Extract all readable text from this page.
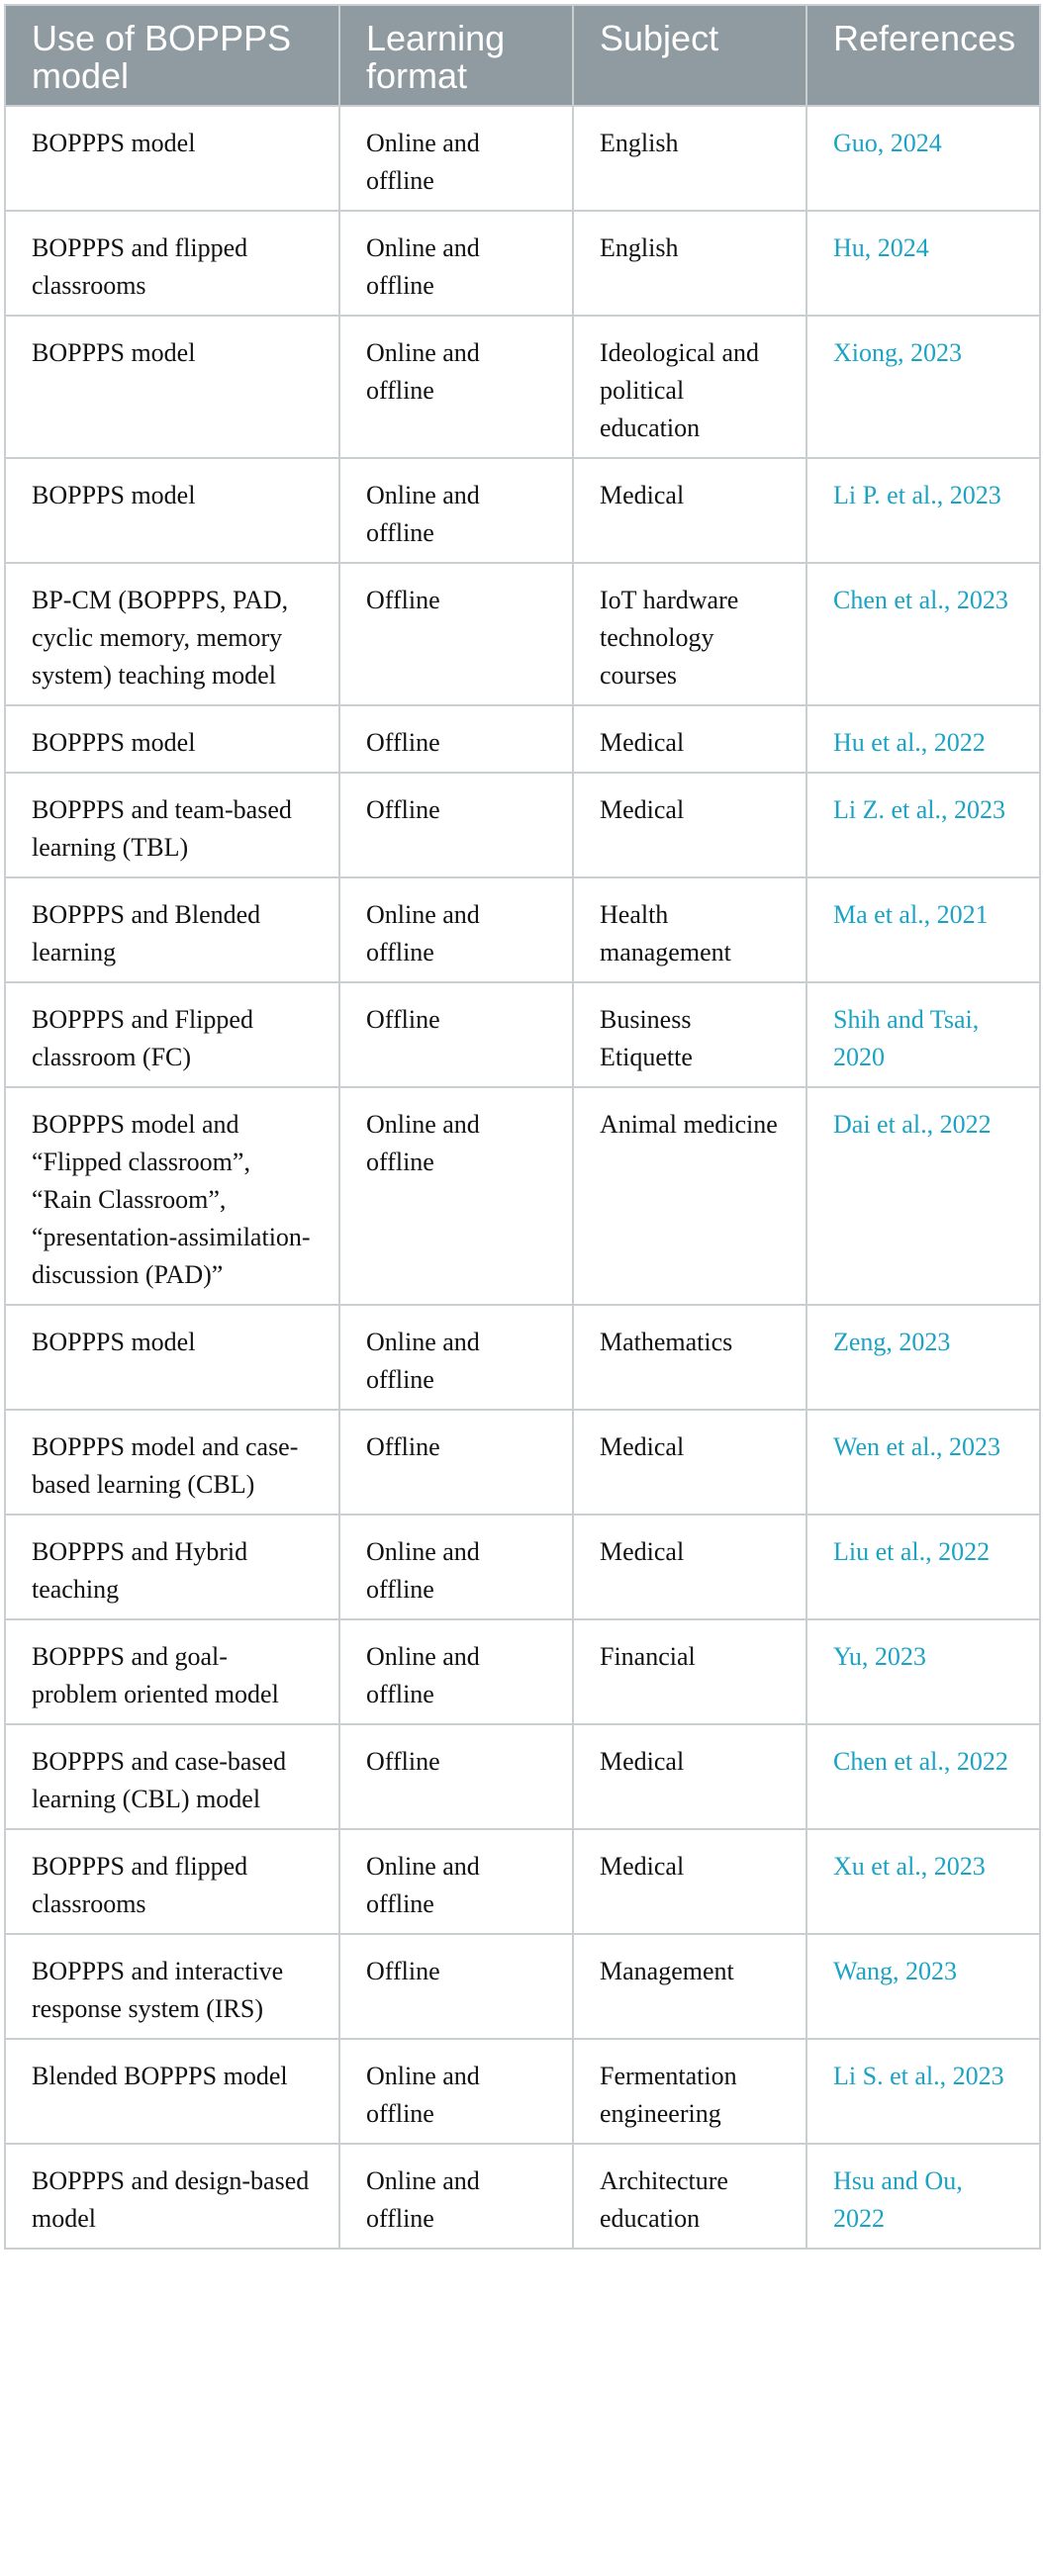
Use of BOPPPS model	Learning format	Subject	References
BOPPPS model	Online and offline	English	Guo, 2024
BOPPPS and flipped classrooms	Online and offline	English	Hu, 2024
BOPPPS model	Online and offline	Ideological and political education	Xiong, 2023
BOPPPS model	Online and offline	Medical	Li P. et al., 2023
BP-CM (BOPPPS, PAD, cyclic memory, memory system) teaching model	Offline	IoT hardware technology courses	Chen et al., 2023
BOPPPS model	Offline	Medical	Hu et al., 2022
BOPPPS and team-based learning (TBL)	Offline	Medical	Li Z. et al., 2023
BOPPPS and Blended learning	Online and offline	Health management	Ma et al., 2021
BOPPPS and Flipped classroom (FC)	Offline	Business Etiquette	Shih and Tsai, 2020
BOPPPS model and “Flipped classroom”, “Rain Classroom”, “presentation-assimilation-discussion (PAD)”	Online and offline	Animal medicine	Dai et al., 2022
BOPPPS model	Online and offline	Mathematics	Zeng, 2023
BOPPPS model and case-based learning (CBL)	Offline	Medical	Wen et al., 2023
BOPPPS and Hybrid teaching	Online and offline	Medical	Liu et al., 2022
BOPPPS and goal-problem oriented model	Online and offline	Financial	Yu, 2023
BOPPPS and case-based learning (CBL) model	Offline	Medical	Chen et al., 2022
BOPPPS and flipped classrooms	Online and offline	Medical	Xu et al., 2023
BOPPPS and interactive response system (IRS)	Offline	Management	Wang, 2023
Blended BOPPPS model	Online and offline	Fermentation engineering	Li S. et al., 2023
BOPPPS and design-based model	Online and offline	Architecture education	Hsu and Ou, 2022
